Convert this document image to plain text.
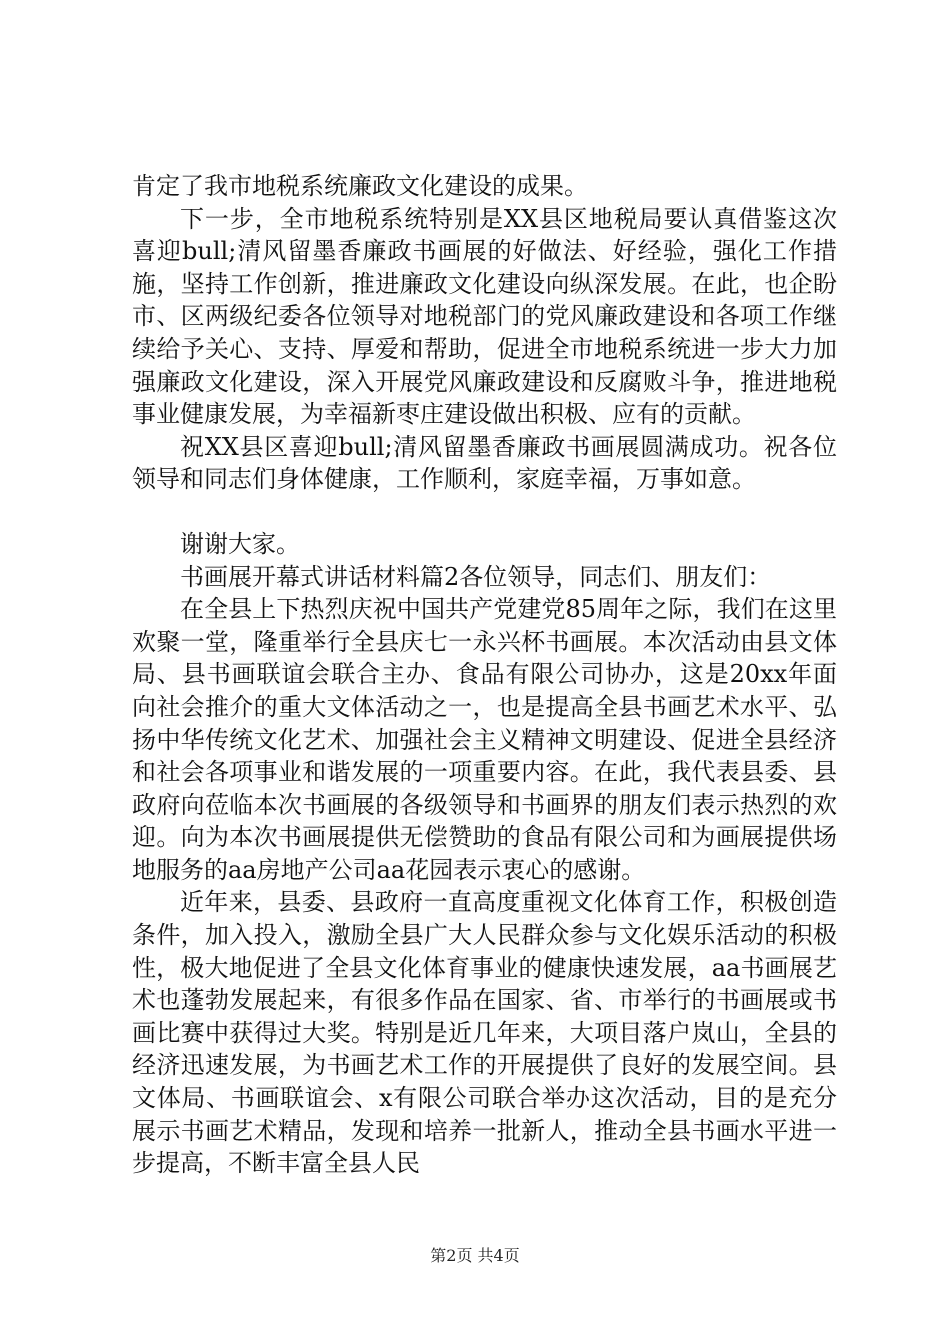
肯定了我市地税系统廉政文化建设的成果。

下一步，全市地税系统特别是XX县区地税局要认真借鉴这次喜迎bull;清风留墨香廉政书画展的好做法、好经验，强化工作措施，坚持工作创新，推进廉政文化建设向纵深发展。在此，也企盼市、区两级纪委各位领导对地税部门的党风廉政建设和各项工作继续给予关心、支持、厚爱和帮助，促进全市地税系统进一步大力加强廉政文化建设，深入开展党风廉政建设和反腐败斗争，推进地税事业健康发展，为幸福新枣庄建设做出积极、应有的贡献。

祝XX县区喜迎bull;清风留墨香廉政书画展圆满成功。祝各位领导和同志们身体健康，工作顺利，家庭幸福，万事如意。

谢谢大家。

书画展开幕式讲话材料篇2各位领导，同志们、朋友们：

在全县上下热烈庆祝中国共产党建党85周年之际，我们在这里欢聚一堂，隆重举行全县庆七一永兴杯书画展。本次活动由县文体局、县书画联谊会联合主办、食品有限公司协办，这是20xx年面向社会推介的重大文体活动之一，也是提高全县书画艺术水平、弘扬中华传统文化艺术、加强社会主义精神文明建设、促进全县经济和社会各项事业和谐发展的一项重要内容。在此，我代表县委、县政府向莅临本次书画展的各级领导和书画界的朋友们表示热烈的欢迎。向为本次书画展提供无偿赞助的食品有限公司和为画展提供场地服务的aa房地产公司aa花园表示衷心的感谢。

近年来，县委、县政府一直高度重视文化体育工作，积极创造条件，加入投入，激励全县广大人民群众参与文化娱乐活动的积极性，极大地促进了全县文化体育事业的健康快速发展，aa书画展艺术也蓬勃发展起来，有很多作品在国家、省、市举行的书画展或书画比赛中获得过大奖。特别是近几年来，大项目落户岚山，全县的经济迅速发展，为书画艺术工作的开展提供了良好的发展空间。县文体局、书画联谊会、x有限公司联合举办这次活动，目的是充分展示书画艺术精品，发现和培养一批新人，推动全县书画水平进一步提高，不断丰富全县人民

第2页 共4页
